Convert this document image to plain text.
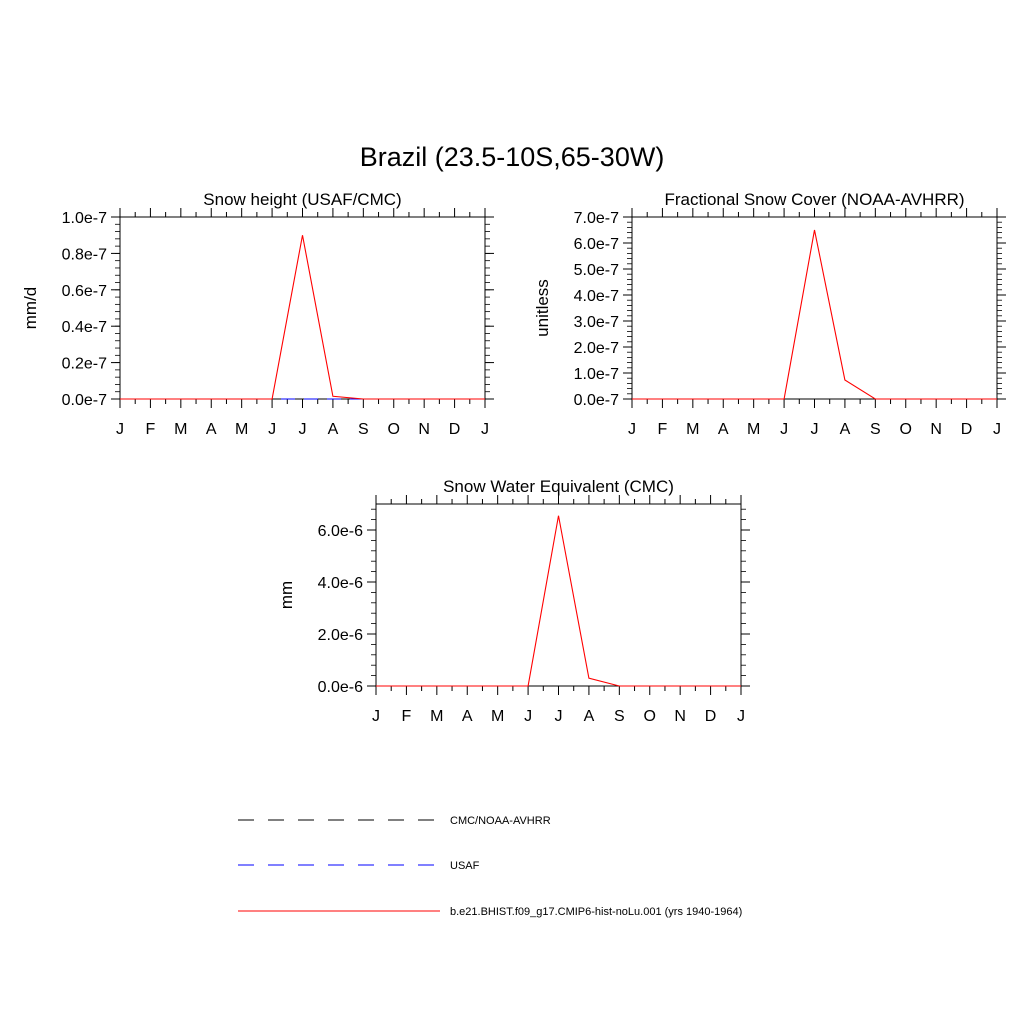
Brazil (23.5-10S,65-30W)
Snow height (USAF/CMC)
mm/d
J F M A M J J A S O N D J
0.0e-7
0.2e-7
0.4e-7
0.6e-7
0.8e-7
1.0e-7
Fractional Snow Cover (NOAA-AVHRR)
unitless
J F M A M J J A S O N D J
0.0e-7
1.0e-7
2.0e-7
3.0e-7
4.0e-7
5.0e-7
6.0e-7
7.0e-7
Snow Water Equivalent (CMC)
mm
J F M A M J J A S O N D J
0.0e-6
2.0e-6
4.0e-6
6.0e-6
CMC/NOAA-AVHRR
USAF
b.e21.BHIST.f09_g17.CMIP6-hist-noLu.001 (yrs 1940-1964)
